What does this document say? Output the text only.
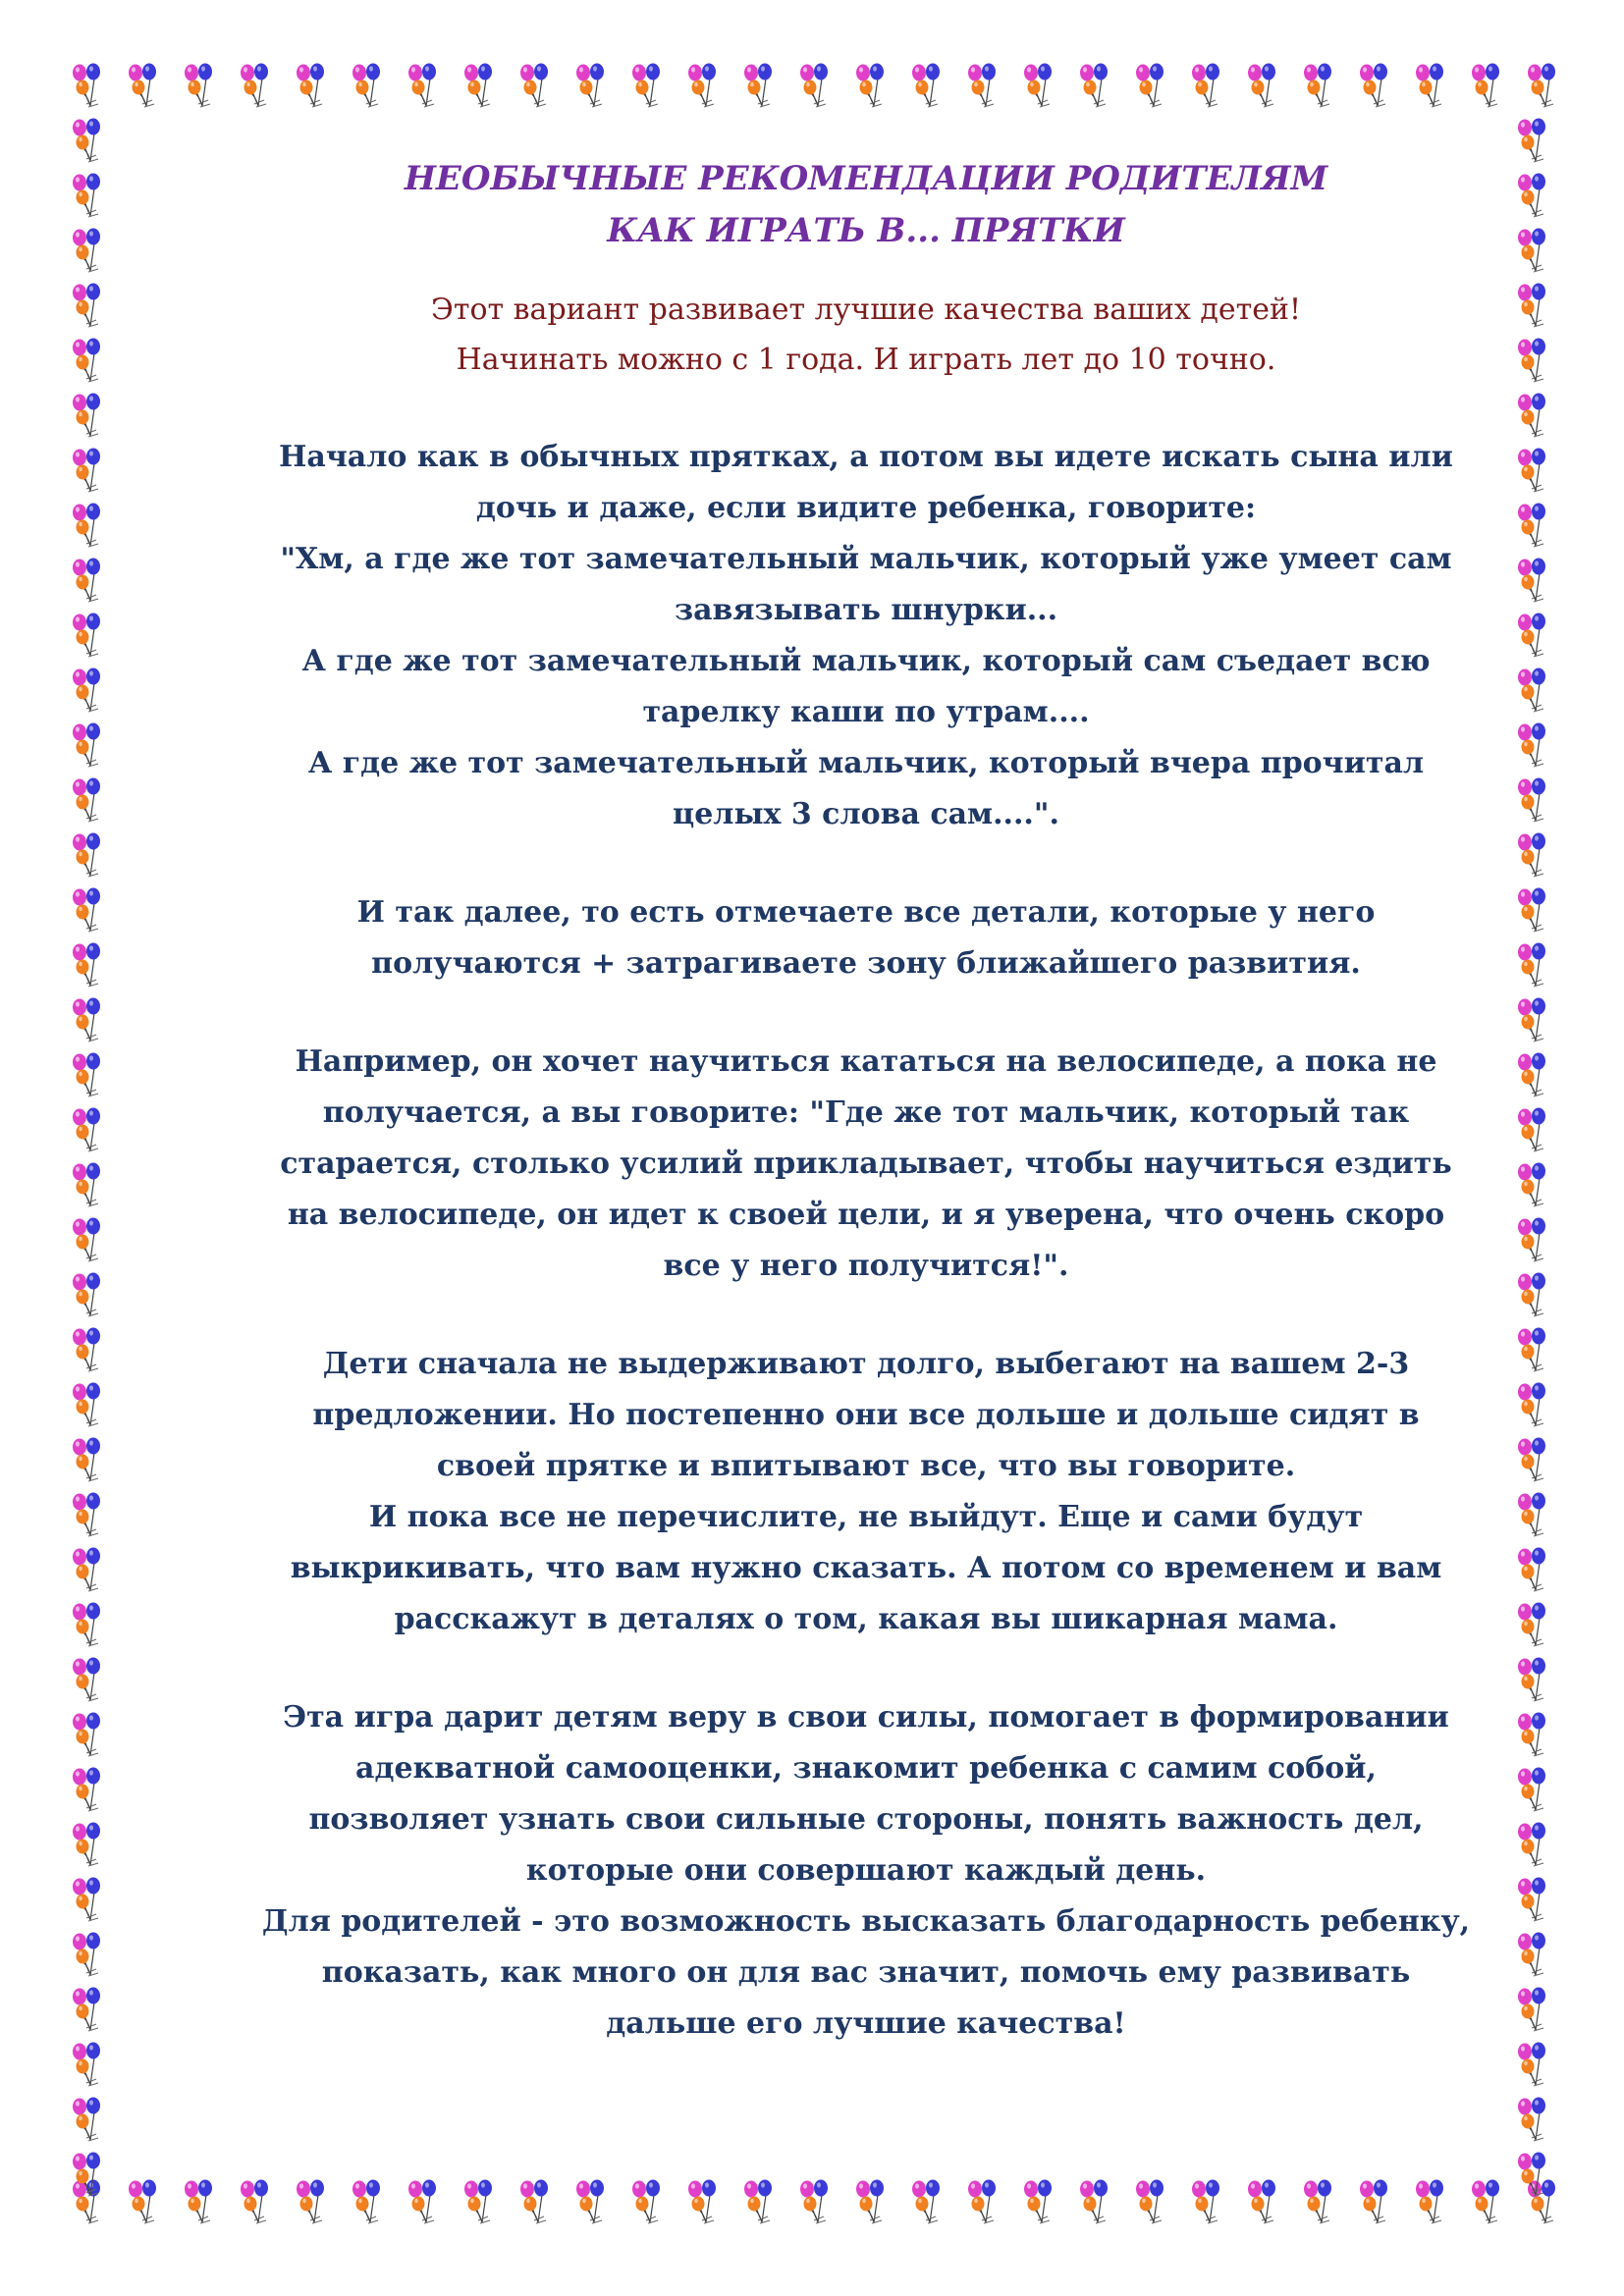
НЕОБЫЧНЫЕ РЕКОМЕНДАЦИИ РОДИТЕЛЯМ
КАК ИГРАТЬ В... ПРЯТКИ

Этот вариант развивает лучшие качества ваших детей!
Начинать можно с 1 года. И играть лет до 10 точно.

Начало как в обычных прятках, а потом вы идете искать сына или
дочь и даже, если видите ребенка, говорите:
"Хм, а где же тот замечательный мальчик, который уже умеет сам
завязывать шнурки...
А где же тот замечательный мальчик, который сам съедает всю
тарелку каши по утрам....
А где же тот замечательный мальчик, который вчера прочитал
целых 3 слова сам....".

И так далее, то есть отмечаете все детали, которые у него
получаются + затрагиваете зону ближайшего развития.

Например, он хочет научиться кататься на велосипеде, а пока не
получается, а вы говорите: "Где же тот мальчик, который так
старается, столько усилий прикладывает, чтобы научиться ездить
на велосипеде, он идет к своей цели, и я уверена, что очень скоро
все у него получится!".

Дети сначала не выдерживают долго, выбегают на вашем 2-3
предложении. Но постепенно они все дольше и дольше сидят в
своей прятке и впитывают все, что вы говорите.
И пока все не перечислите, не выйдут. Еще и сами будут
выкрикивать, что вам нужно сказать. А потом со временем и вам
расскажут в деталях о том, какая вы шикарная мама.

Эта игра дарит детям веру в свои силы, помогает в формировании
адекватной самооценки, знакомит ребенка с самим собой,
позволяет узнать свои сильные стороны, понять важность дел,
которые они совершают каждый день.
Для родителей - это возможность высказать благодарность ребенку,
показать, как много он для вас значит, помочь ему развивать
дальше его лучшие качества!
